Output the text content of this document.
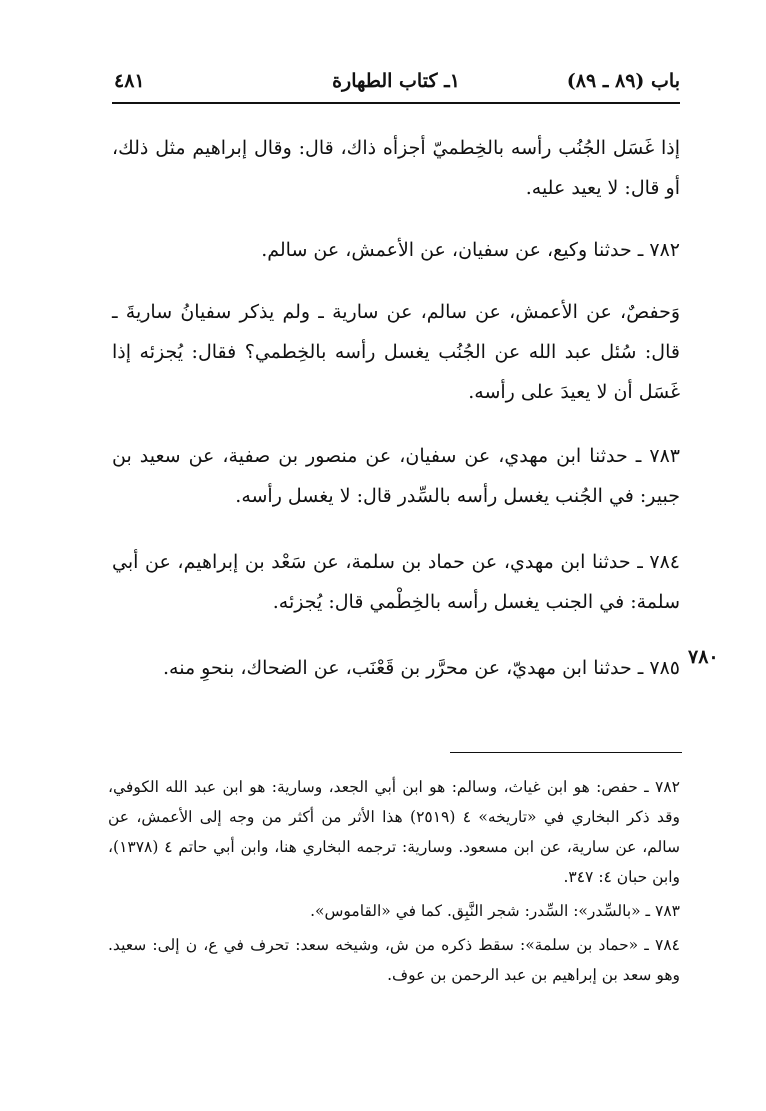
٤٨١	١ـ كتاب الطهارة	باب (٨٩ ـ ٨٩)

إذا غَسَل الجُنُب رأسه بالخِطميّ أجزأه ذاك، قال: وقال إبراهيم مثل ذلك، أو قال: لا يعيد عليه.

٧٨٢ ـ حدثنا وكيع، عن سفيان، عن الأعمش، عن سالم.

وَحفصٌ، عن الأعمش، عن سالم، عن سارية ـ ولم يذكر سفيانُ ساريةَ ـ قال: سُئل عبد الله عن الجُنُب يغسل رأسه بالخِطمي؟ فقال: يُجزئه إذا غَسَل أن لا يعيدَ على رأسه.

٧٨٣ ـ حدثنا ابن مهدي، عن سفيان، عن منصور بن صفية، عن سعيد بن جبير: في الجُنب يغسل رأسه بالسِّدر قال: لا يغسل رأسه.

٧٨٤ ـ حدثنا ابن مهدي، عن حماد بن سلمة، عن سَعْد بن إبراهيم، عن أبي سلمة: في الجنب يغسل رأسه بالخِطْمي قال: يُجزئه.

٧٨٥ ـ حدثنا ابن مهديّ، عن محرَّر بن قَعْنَب، عن الضحاك، بنحوِ منه. ٧٨٠

٧٨٢ ـ حفص: هو ابن غياث، وسالم: هو ابن أبي الجعد، وسارية: هو ابن عبد الله الكوفي، وقد ذكر البخاري في «تاريخه» ٤ (٢٥١٩) هذا الأثر من أكثر من وجه إلى الأعمش، عن سالم، عن سارية، عن ابن مسعود. وسارية: ترجمه البخاري هنا، وابن أبي حاتم ٤ (١٣٧٨)، وابن حبان ٤: ٣٤٧.

٧٨٣ ـ «بالسِّدر»: السِّدر: شجر النَّبِق. كما في «القاموس».

٧٨٤ ـ «حماد بن سلمة»: سقط ذكره من ش، وشيخه سعد: تحرف في ع، ن إلى: سعيد. وهو سعد بن إبراهيم بن عبد الرحمن بن عوف.
